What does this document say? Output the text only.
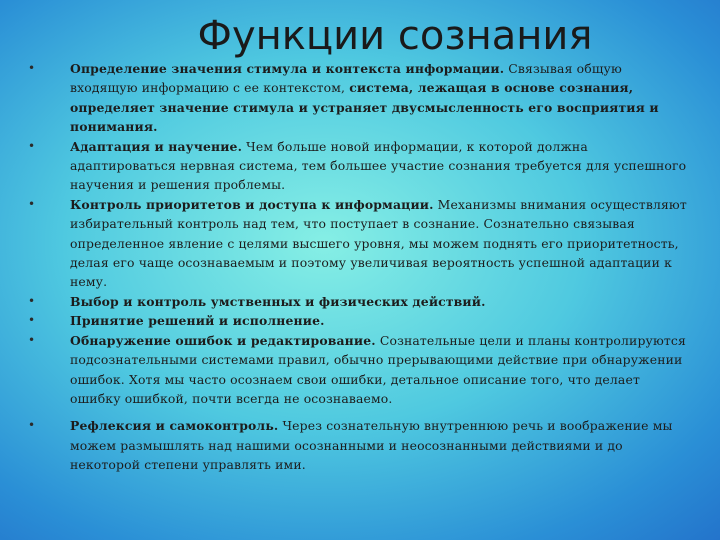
Функции сознания
•	Определение значения стимула и контекста информации. Связывая общую входящую информацию с ее контекстом, система, лежащая в основе сознания, определяет значение стимула и устраняет двусмысленность его восприятия и понимания.
•	Адаптация и научение. Чем больше новой информации, к которой должна адаптироваться нервная система, тем большее участие сознания требуется для успешного научения и решения проблемы.
•	Контроль приоритетов и доступа к информации. Механизмы внимания осуществляют избирательный контроль над тем, что поступает в сознание. Сознательно связывая определенное явление с целями высшего уровня, мы можем поднять его приоритетность, делая его чаще осознаваемым и поэтому увеличивая вероятность успешной адаптации к нему.
•	Выбор и контроль умственных и физических действий.
•	Принятие решений и исполнение.
•	Обнаружение ошибок и редактирование. Сознательные цели и планы контролируются подсознательными системами правил, обычно прерывающими действие при обнаружении ошибок. Хотя мы часто осознаем свои ошибки, детальное описание того, что делает ошибку ошибкой, почти всегда не осознаваемо.
•	Рефлексия и самоконтроль. Через сознательную внутреннюю речь и воображение мы можем размышлять над нашими осознанными и неосознанными действиями и до некоторой степени управлять ими.
